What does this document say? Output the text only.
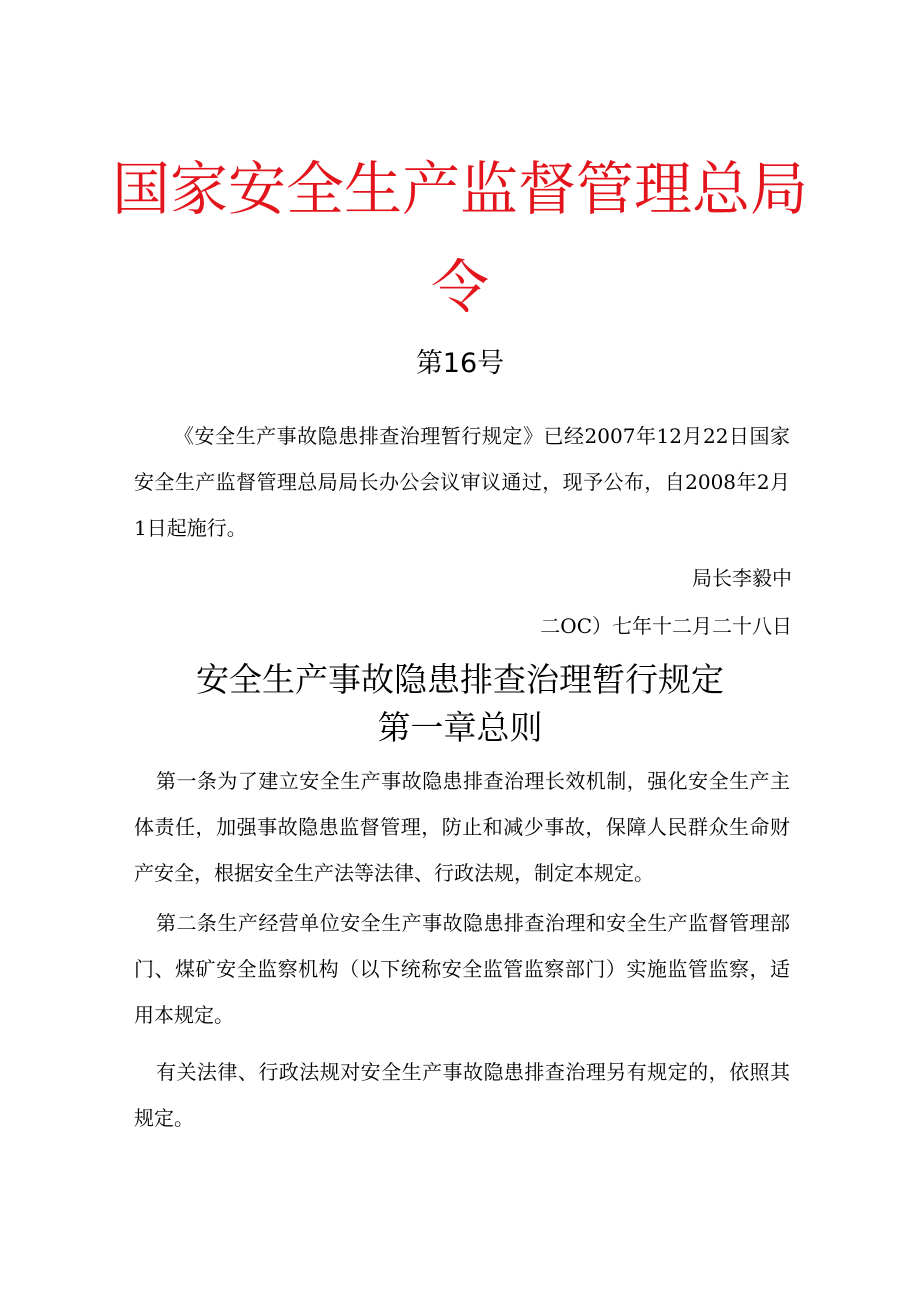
国家安全生产监督管理总局
令
第16号
《安全生产事故隐患排查治理暂行规定》已经2007年12月22日国家安全生产监督管理总局局长办公会议审议通过，现予公布，自2008年2月1日起施行。
局长李毅中
二OC）七年十二月二十八日
安全生产事故隐患排查治理暂行规定
第一章总则
第一条为了建立安全生产事故隐患排查治理长效机制，强化安全生产主体责任，加强事故隐患监督管理，防止和减少事故，保障人民群众生命财产安全，根据安全生产法等法律、行政法规，制定本规定。
第二条生产经营单位安全生产事故隐患排查治理和安全生产监督管理部门、煤矿安全监察机构（以下统称安全监管监察部门）实施监管监察，适用本规定。
有关法律、行政法规对安全生产事故隐患排查治理另有规定的，依照其规定。
